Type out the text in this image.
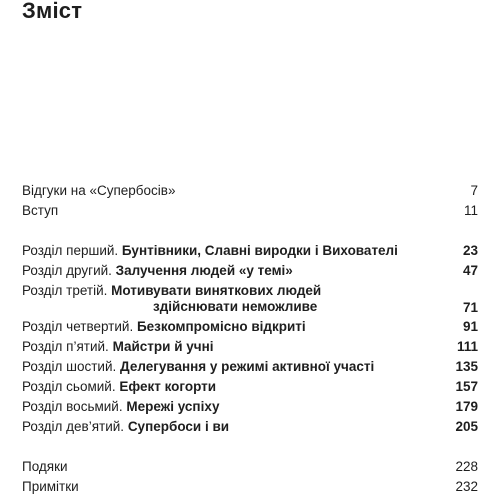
Зміст
Відгуки на «Супербосів»	7
Вступ	11
Розділ перший. Бунтівники, Славні виродки і Вихователі	23
Розділ другий. Залучення людей «у темі»	47
Розділ третій. Мотивувати виняткових людей
здійснювати неможливе	71
Розділ четвертий. Безкомпромісно відкриті	91
Розділ п’ятий. Майстри й учні	111
Розділ шостий. Делегування у режимі активної участі	135
Розділ сьомий. Ефект когорти	157
Розділ восьмий. Мережі успіху	179
Розділ дев’ятий. Супербоси і ви	205
Подяки	228
Примітки	232
